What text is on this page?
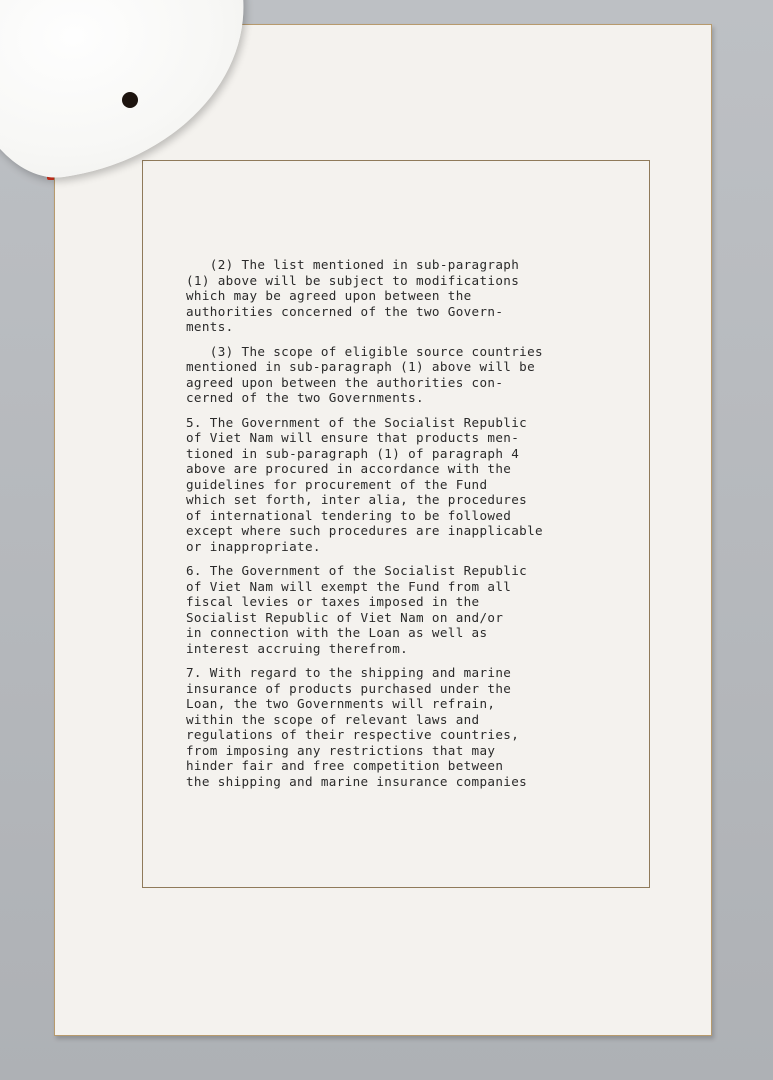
(2) The list mentioned in sub-paragraph
(1) above will be subject to modifications
which may be agreed upon between the
authorities concerned of the two Govern-
ments.
(3) The scope of eligible source countries
mentioned in sub-paragraph (1) above will be
agreed upon between the authorities con-
cerned of the two Governments.
5. The Government of the Socialist Republic
of Viet Nam will ensure that products men-
tioned in sub-paragraph (1) of paragraph 4
above are procured in accordance with the
guidelines for procurement of the Fund
which set forth, inter alia, the procedures
of international tendering to be followed
except where such procedures are inapplicable
or inappropriate.
6. The Government of the Socialist Republic
of Viet Nam will exempt the Fund from all
fiscal levies or taxes imposed in the
Socialist Republic of Viet Nam on and/or
in connection with the Loan as well as
interest accruing therefrom.
7. With regard to the shipping and marine
insurance of products purchased under the
Loan, the two Governments will refrain,
within the scope of relevant laws and
regulations of their respective countries,
from imposing any restrictions that may
hinder fair and free competition between
the shipping and marine insurance companies
